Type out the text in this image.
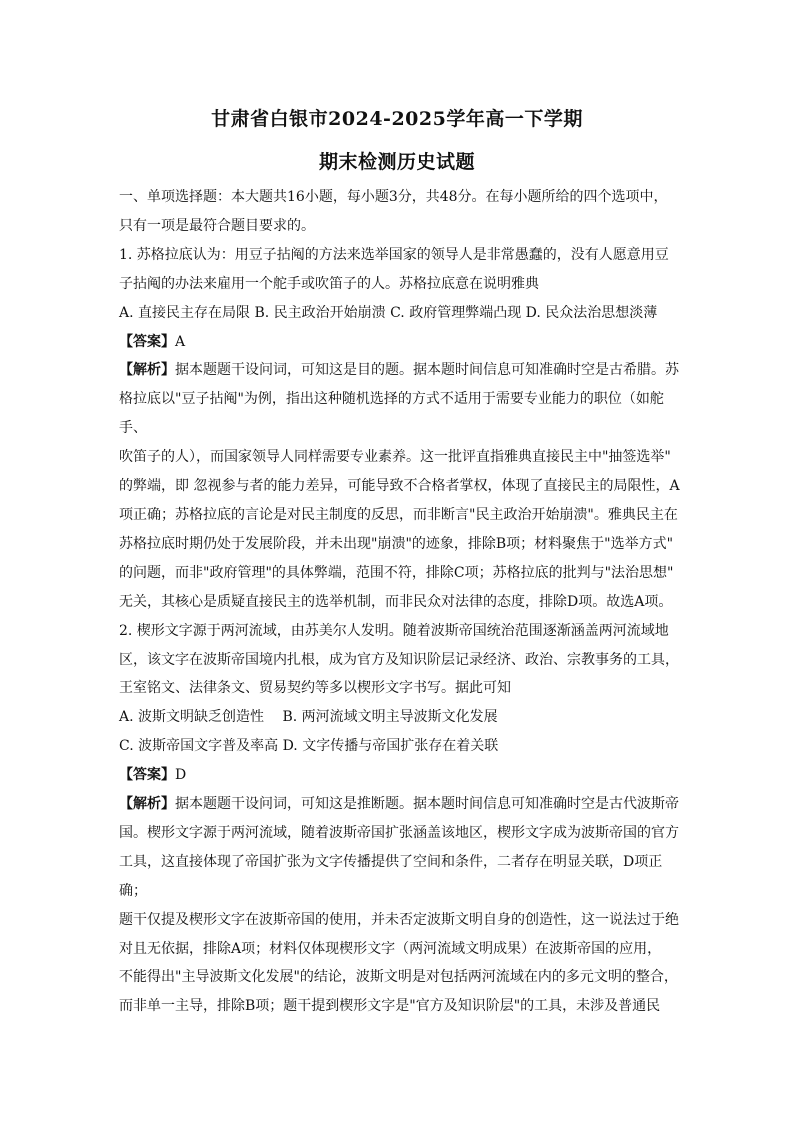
甘肃省白银市2024-2025学年高一下学期
期末检测历史试题

一、单项选择题：本大题共16小题，每小题3分，共48分。在每小题所给的四个选项中，

只有一项是最符合题目要求的。

1. 苏格拉底认为：用豆子拈阄的方法来选举国家的领导人是非常愚蠢的，没有人愿意用豆

子拈阄的办法来雇用一个舵手或吹笛子的人。苏格拉底意在说明雅典

A. 直接民主存在局限 B. 民主政治开始崩溃 C. 政府管理弊端凸现 D. 民众法治思想淡薄

【答案】A

【解析】据本题题干设问词，可知这是目的题。据本题时间信息可知准确时空是古希腊。苏

格拉底以"豆子拈阄"为例，指出这种随机选择的方式不适用于需要专业能力的职位（如舵手、

吹笛子的人），而国家领导人同样需要专业素养。这一批评直指雅典直接民主中"抽签选举"

的弊端，即 忽视参与者的能力差异，可能导致不合格者掌权，体现了直接民主的局限性，A

项正确；苏格拉底的言论是对民主制度的反思，而非断言"民主政治开始崩溃"。雅典民主在

苏格拉底时期仍处于发展阶段，并未出现"崩溃"的迹象，排除B项；材料聚焦于"选举方式"

的问题，而非"政府管理"的具体弊端，范围不符，排除C项；苏格拉底的批判与"法治思想"

无关，其核心是质疑直接民主的选举机制，而非民众对法律的态度，排除D项。故选A项。

2. 楔形文字源于两河流域，由苏美尔人发明。随着波斯帝国统治范围逐渐涵盖两河流域地

区，该文字在波斯帝国境内扎根，成为官方及知识阶层记录经济、政治、宗教事务的工具，

王室铭文、法律条文、贸易契约等多以楔形文字书写。据此可知

A. 波斯文明缺乏创造性　 B. 两河流域文明主导波斯文化发展

C. 波斯帝国文字普及率高 D. 文字传播与帝国扩张存在着关联

【答案】D

【解析】据本题题干设问词，可知这是推断题。据本题时间信息可知准确时空是古代波斯帝

国。楔形文字源于两河流域，随着波斯帝国扩张涵盖该地区，楔形文字成为波斯帝国的官方

工具，这直接体现了帝国扩张为文字传播提供了空间和条件，二者存在明显关联，D项正确；

题干仅提及楔形文字在波斯帝国的使用，并未否定波斯文明自身的创造性，这一说法过于绝

对且无依据，排除A项；材料仅体现楔形文字（两河流域文明成果）在波斯帝国的应用，

不能得出"主导波斯文化发展"的结论，波斯文明是对包括两河流域在内的多元文明的整合，

而非单一主导，排除B项；题干提到楔形文字是"官方及知识阶层"的工具，未涉及普通民
